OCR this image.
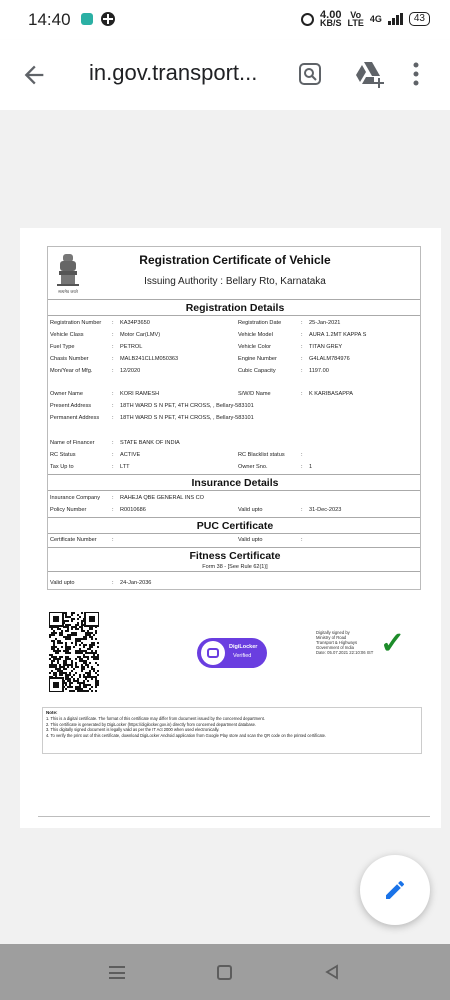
14:40	4.00
KB/S
Vo
LTE 4G	43
in.gov.transport...
सत्यमेव जयते
Registration Certificate of Vehicle
Issuing Authority : Bellary Rto, Karnataka
Registration Details
Registration Number : KA34P3650	Registration Date	: 25-Jan-2021
Vehicle Class	: Motor Car(LMV)	Vehicle Model	: AURA 1.2MT KAPPA S
Fuel Type	: PETROL	Vehicle Color	: TITAN GREY
Chasis Number	: MALB241CLLM050363	Engine Number	: G4LALM784976
Mon/Year of Mfg.	: 12/2020	Cubic Capacity	: 1197.00
Owner Name	: KORI RAMESH	S/W/D Name	: K KARIBASAPPA
Present Address	: 18TH WARD S N PET, 4TH CROSS, , Bellary-583101
Permanent Address : 18TH WARD S N PET, 4TH CROSS, , Bellary-583101
Name of Financer	: STATE BANK OF INDIA
RC Status	: ACTIVE	RC Blacklist status	:
Tax Up to	: LTT	Owner Sno.	: 1
Insurance Details
Insurance Company : RAHEJA QBE GENERAL INS CO
Policy Number	: R0010686	Valid upto	: 31-Dec-2023
PUC Certificate
Certificate Number	:	Valid upto	:
Fitness Certificate
Form 38 - [See Rule 62(1)]
Valid upto	: 24-Jan-2036
DigiLocker
Verified
Digitally signed by
Ministry of Road
Transport & Highways
Government of India
Date: 05.07.2021 22:10:06 IST ✓
Note:
1. This is a digital certificate. The format of this certificate may differ from document issued by the concerned department.
2. This certificate is generated by DigiLocker (https://digilocker.gov.in) directly from concerned department database.
3. This digitally signed document is legally valid as per the IT Act 2000 when used electronically.
4. To verify the print out of this certificate, download DigiLocker Android application from Google Play store and scan the QR code on the printed certificate.
